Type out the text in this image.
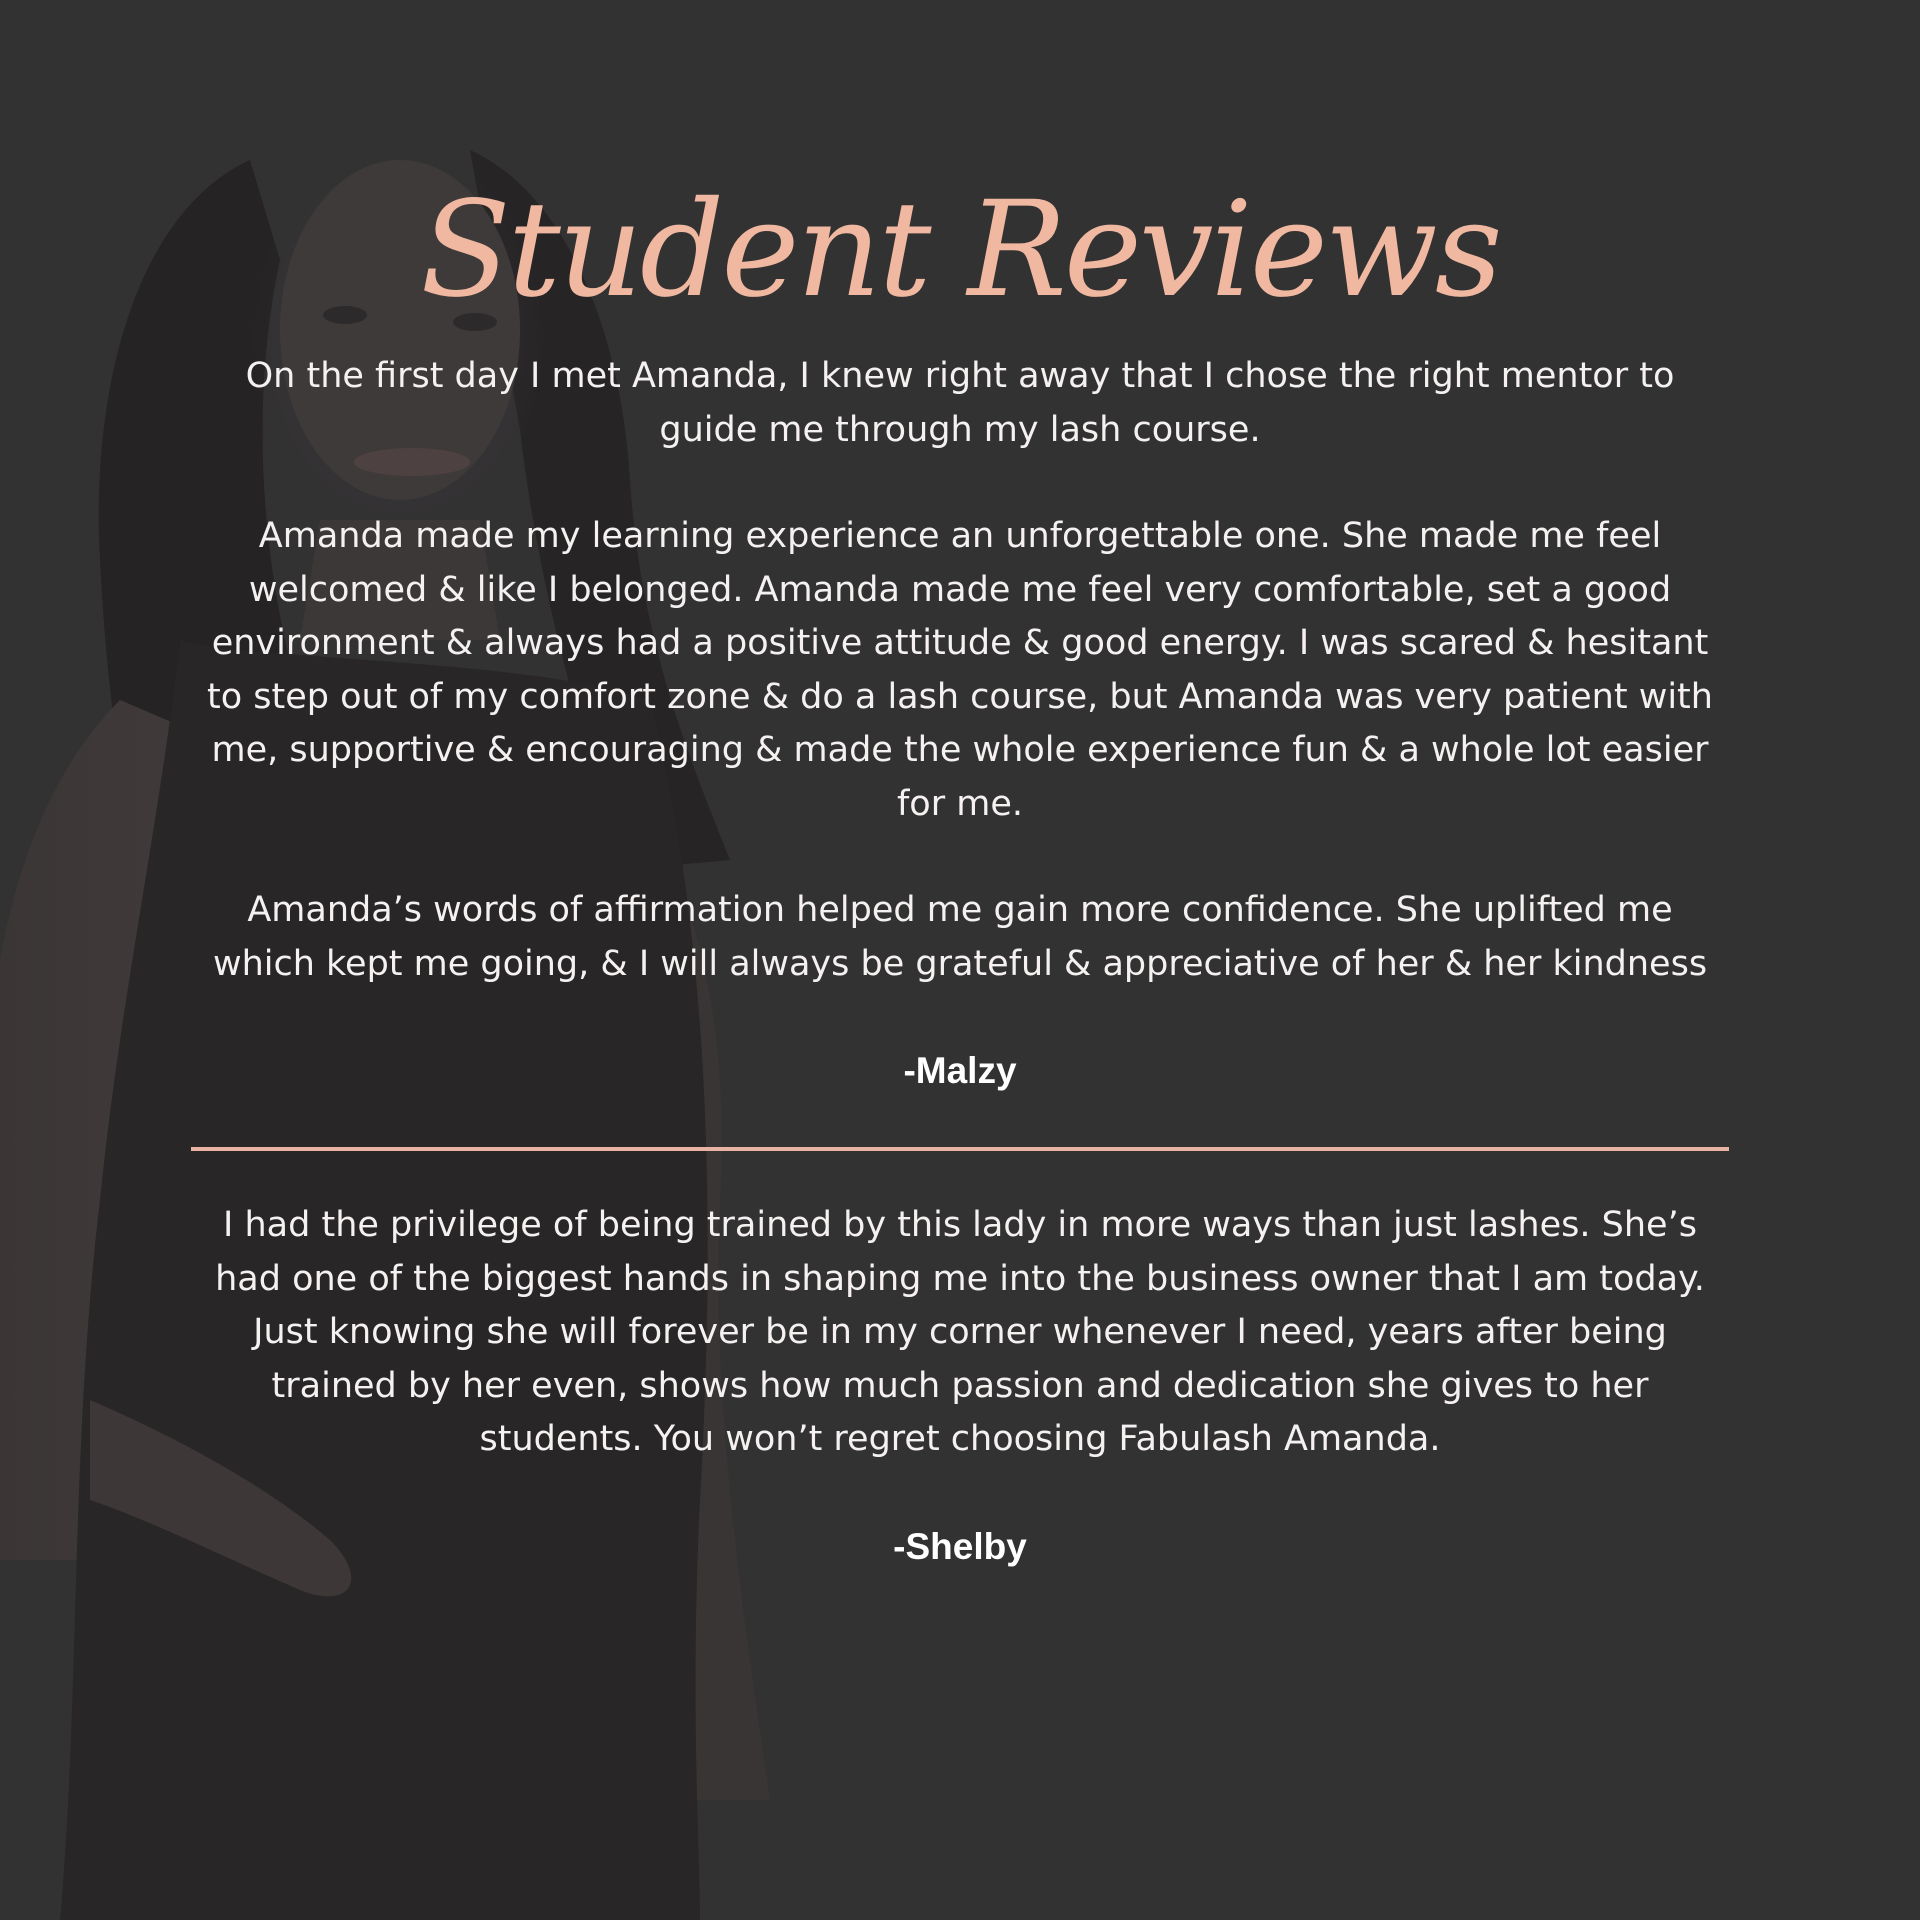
Student Reviews

On the first day I met Amanda, I knew right away that I chose the right mentor to guide me through my lash course.

Amanda made my learning experience an unforgettable one. She made me feel welcomed & like I belonged. Amanda made me feel very comfortable, set a good environment & always had a positive attitude & good energy. I was scared & hesitant to step out of my comfort zone & do a lash course, but Amanda was very patient with me, supportive & encouraging & made the whole experience fun & a whole lot easier for me.

Amanda’s words of affirmation helped me gain more confidence. She uplifted me which kept me going, & I will always be grateful & appreciative of her & her kindness

-Malzy

I had the privilege of being trained by this lady in more ways than just lashes. She’s had one of the biggest hands in shaping me into the business owner that I am today. Just knowing she will forever be in my corner whenever I need, years after being trained by her even, shows how much passion and dedication she gives to her students. You won’t regret choosing Fabulash Amanda.

-Shelby
